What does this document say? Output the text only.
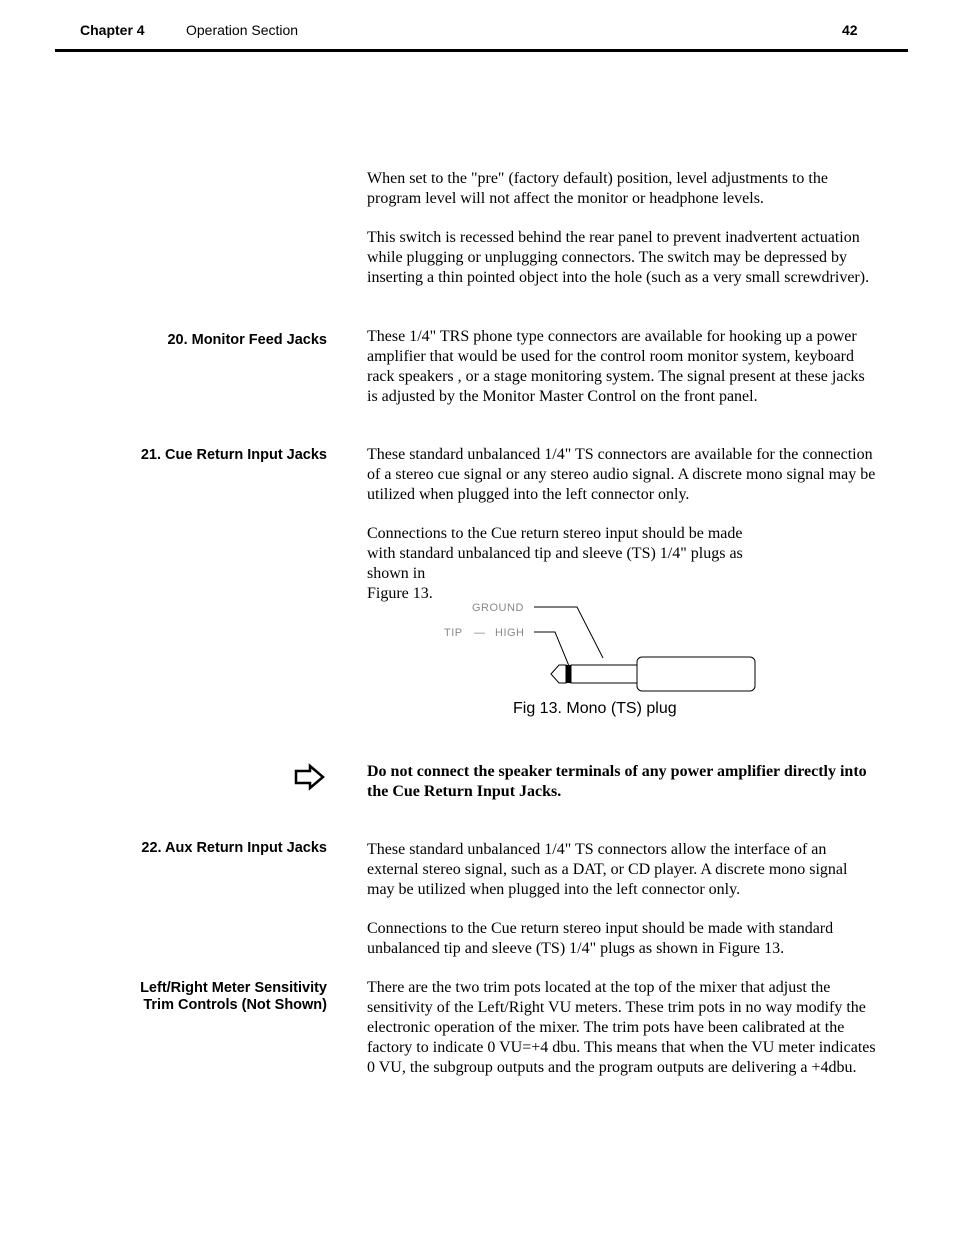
Chapter 4	Operation Section	42

When set to the "pre" (factory default) position, level adjustments to the program level will not affect the monitor or headphone levels.

This switch is recessed behind the rear panel to prevent inadvertent actuation while plugging or unplugging connectors. The switch may be depressed by inserting a thin pointed object into the hole (such as a very small screwdriver).

20. Monitor Feed Jacks	These 1/4" TRS phone type connectors are available for hooking up a power amplifier that would be used for the control room monitor system, keyboard rack speakers , or a stage monitoring system. The signal present at these jacks is adjusted by the Monitor Master Control on the front panel.

21. Cue Return Input Jacks	These standard unbalanced 1/4" TS connectors are available for the connection of a stereo cue signal or any stereo audio signal. A discrete mono signal may be utilized when plugged into the left connector only.

Connections to the Cue return stereo input should be made with standard unbalanced tip and sleeve (TS) 1/4" plugs as shown in
Figure 13.

GROUND
TIP — HIGH
Fig 13. Mono (TS) plug

Do not connect the speaker terminals of any power amplifier directly into the Cue Return Input Jacks.

22. Aux Return Input Jacks	These standard unbalanced 1/4" TS connectors allow the interface of an external stereo signal, such as a DAT, or CD player. A discrete mono signal may be utilized when plugged into the left connector only.

Connections to the Cue return stereo input should be made with standard unbalanced tip and sleeve (TS) 1/4" plugs as shown in Figure 13.

Left/Right Meter Sensitivity
Trim Controls (Not Shown)

There are the two trim pots located at the top of the mixer that adjust the sensitivity of the Left/Right VU meters. These trim pots in no way modify the electronic operation of the mixer. The trim pots have been calibrated at the factory to indicate 0 VU=+4 dbu. This means that when the VU meter indicates 0 VU, the subgroup outputs and the program outputs are delivering a +4dbu.
